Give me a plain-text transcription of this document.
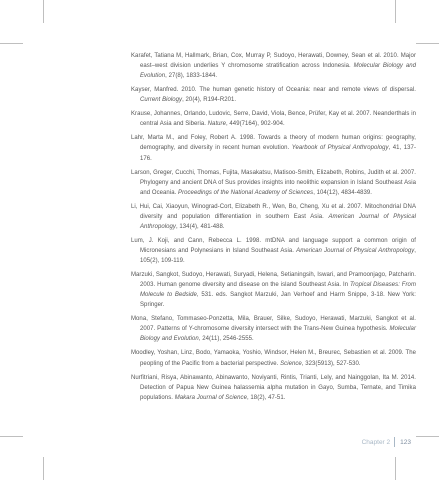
Karafet, Tatiana M, Hallmark, Brian, Cox, Murray P, Sudoyo, Herawati, Downey, Sean et al. 2010. Major east–west division underlies Y chromosome stratification across Indonesia. Molecular Biology and Evolution, 27(8), 1833-1844.

Kayser, Manfred. 2010. The human genetic history of Oceania: near and remote views of dispersal. Current Biology, 20(4), R194-R201.

Krause, Johannes, Orlando, Ludovic, Serre, David, Viola, Bence, Prüfer, Kay et al. 2007. Neanderthals in central Asia and Siberia. Nature, 449(7164), 902-904.

Lahr, Marta M., and Foley, Robert A. 1998. Towards a theory of modern human origins: geography, demography, and diversity in recent human evolution. Yearbook of Physical Anthropology, 41, 137-176.

Larson, Greger, Cucchi, Thomas, Fujita, Masakatsu, Matisoo-Smith, Elizabeth, Robins, Judith et al. 2007. Phylogeny and ancient DNA of Sus provides insights into neolithic expansion in Island Southeast Asia and Oceania. Proceedings of the National Academy of Sciences, 104(12), 4834-4839.

Li, Hui, Cai, Xiaoyun, Winograd-Cort, Elizabeth R., Wen, Bo, Cheng, Xu et al. 2007. Mitochondrial DNA diversity and population differentiation in southern East Asia. American Journal of Physical Anthropology, 134(4), 481-488.

Lum, J. Koji, and Cann, Rebecca L. 1998. mtDNA and language support a common origin of Micronesians and Polynesians in Island Southeast Asia. American Journal of Physical Anthropology, 105(2), 109-119.

Marzuki, Sangkot, Sudoyo, Herawati, Suryadi, Helena, Setianingsih, Iswari, and Pramoonjago, Patcharin. 2003. Human genome diversity and disease on the island Southeast Asia. In Tropical Diseases: From Molecule to Bedside, 531. eds. Sangkot Marzuki, Jan Verhoef and Harm Snippe, 3-18. New York: Springer.

Mona, Stefano, Tommaseo-Ponzetta, Mila, Brauer, Silke, Sudoyo, Herawati, Marzuki, Sangkot et al. 2007. Patterns of Y-chromosome diversity intersect with the Trans-New Guinea hypothesis. Molecular Biology and Evolution, 24(11), 2546-2555.

Moodley, Yoshan, Linz, Bodo, Yamaoka, Yoshio, Windsor, Helen M., Breurec, Sebastien et al. 2009. The peopling of the Pacific from a bacterial perspective. Science, 323(5913), 527-530.

Nurfitriani, Risya, Abinawanto, Abinawanto, Noviyanti, Rintis, Trianti, Lely, and Nainggolan, Ita M. 2014. Detection of Papua New Guinea halassemia alpha mutation in Gayo, Sumba, Ternate, and Timika populations. Makara Journal of Science, 18(2), 47-51.

Chapter 2 123
